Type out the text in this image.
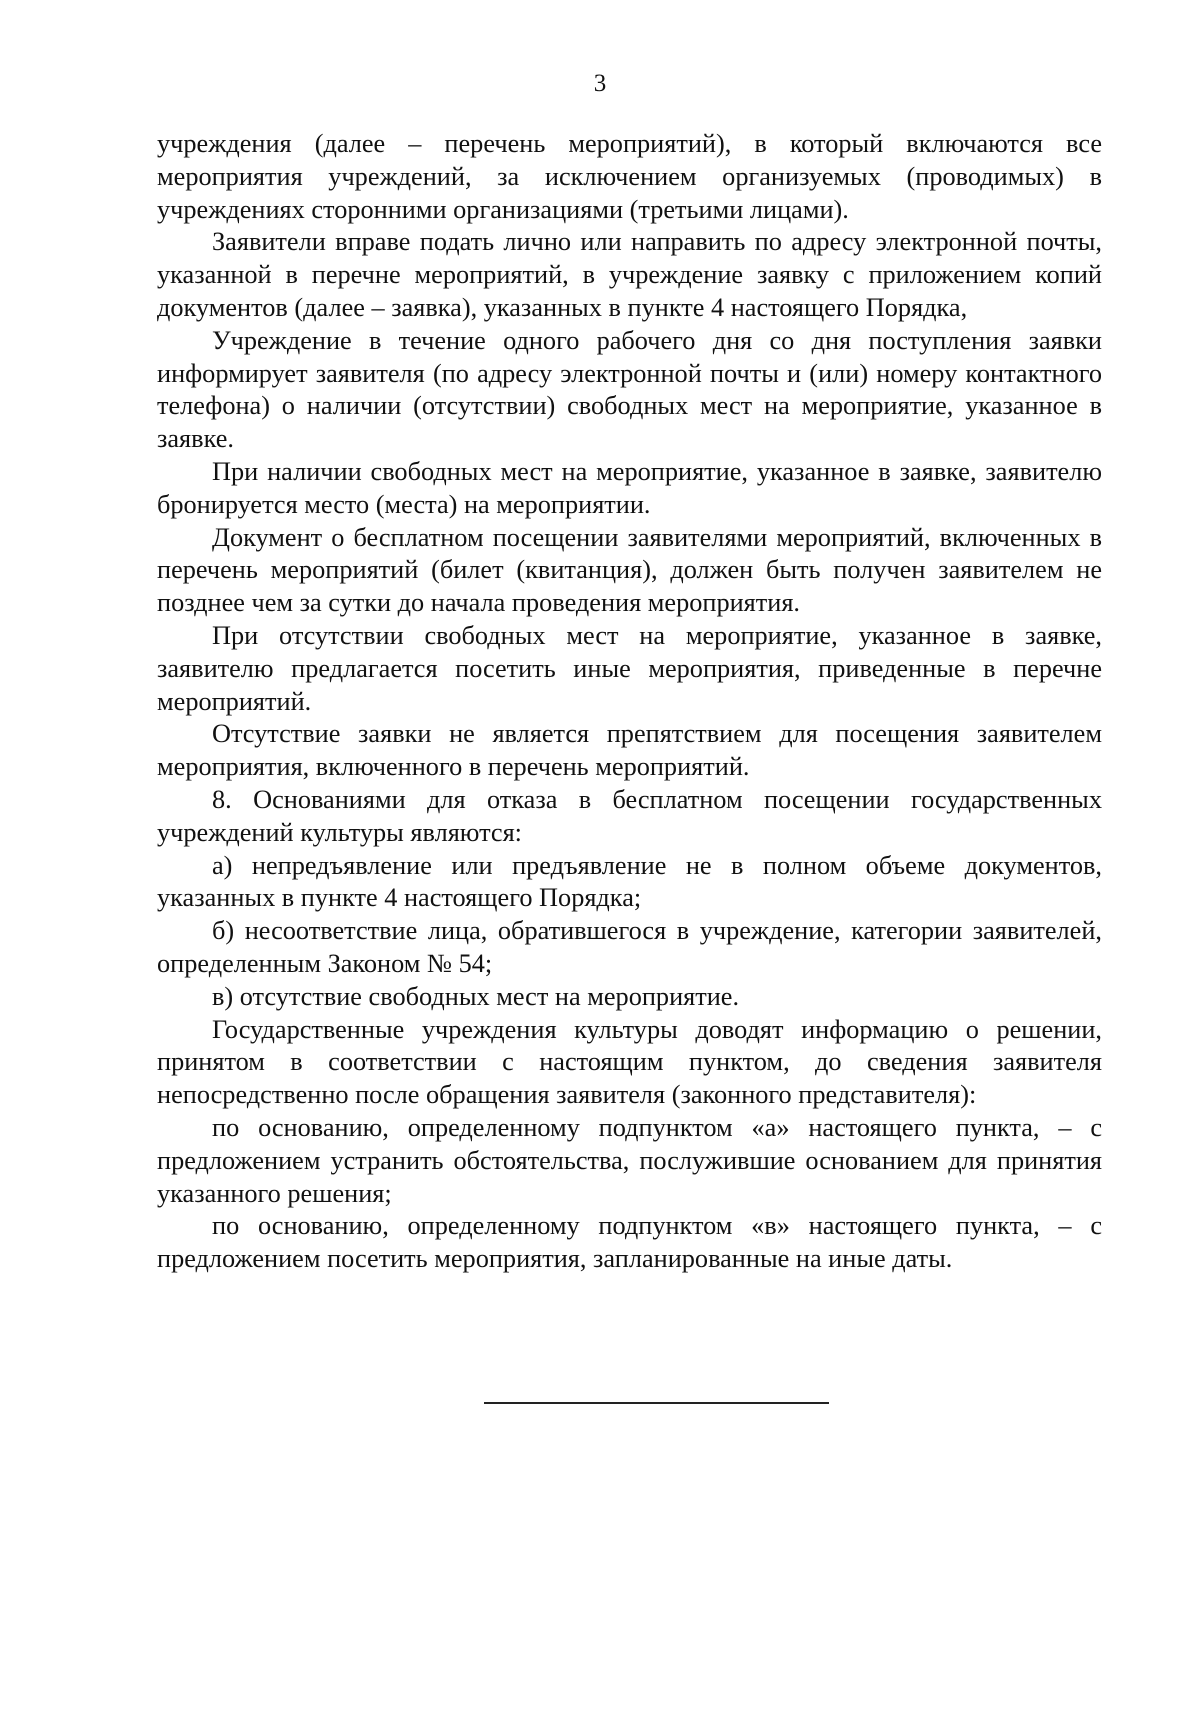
3

учреждения (далее – перечень мероприятий), в который включаются все мероприятия учреждений, за исключением организуемых (проводимых) в учреждениях сторонними организациями (третьими лицами).

Заявители вправе подать лично или направить по адресу электронной почты, указанной в перечне мероприятий, в учреждение заявку с приложением копий документов (далее – заявка), указанных в пункте 4 настоящего Порядка,

Учреждение в течение одного рабочего дня со дня поступления заявки информирует заявителя (по адресу электронной почты и (или) номеру контактного телефона) о наличии (отсутствии) свободных мест на мероприятие, указанное в заявке.

При наличии свободных мест на мероприятие, указанное в заявке, заявителю бронируется место (места) на мероприятии.

Документ о бесплатном посещении заявителями мероприятий, включенных в перечень мероприятий (билет (квитанция), должен быть получен заявителем не позднее чем за сутки до начала проведения мероприятия.

При отсутствии свободных мест на мероприятие, указанное в заявке, заявителю предлагается посетить иные мероприятия, приведенные в перечне мероприятий.

Отсутствие заявки не является препятствием для посещения заявителем мероприятия, включенного в перечень мероприятий.

8. Основаниями для отказа в бесплатном посещении государственных учреждений культуры являются:

а) непредъявление или предъявление не в полном объеме документов, указанных в пункте 4 настоящего Порядка;

б) несоответствие лица, обратившегося в учреждение, категории заявителей, определенным Законом № 54;

в) отсутствие свободных мест на мероприятие.

Государственные учреждения культуры доводят информацию о решении, принятом в соответствии с настоящим пунктом, до сведения заявителя непосредственно после обращения заявителя (законного представителя):

по основанию, определенному подпунктом «а» настоящего пункта, – с предложением устранить обстоятельства, послужившие основанием для принятия указанного решения;

по основанию, определенному подпунктом «в» настоящего пункта, – с предложением посетить мероприятия, запланированные на иные даты.
